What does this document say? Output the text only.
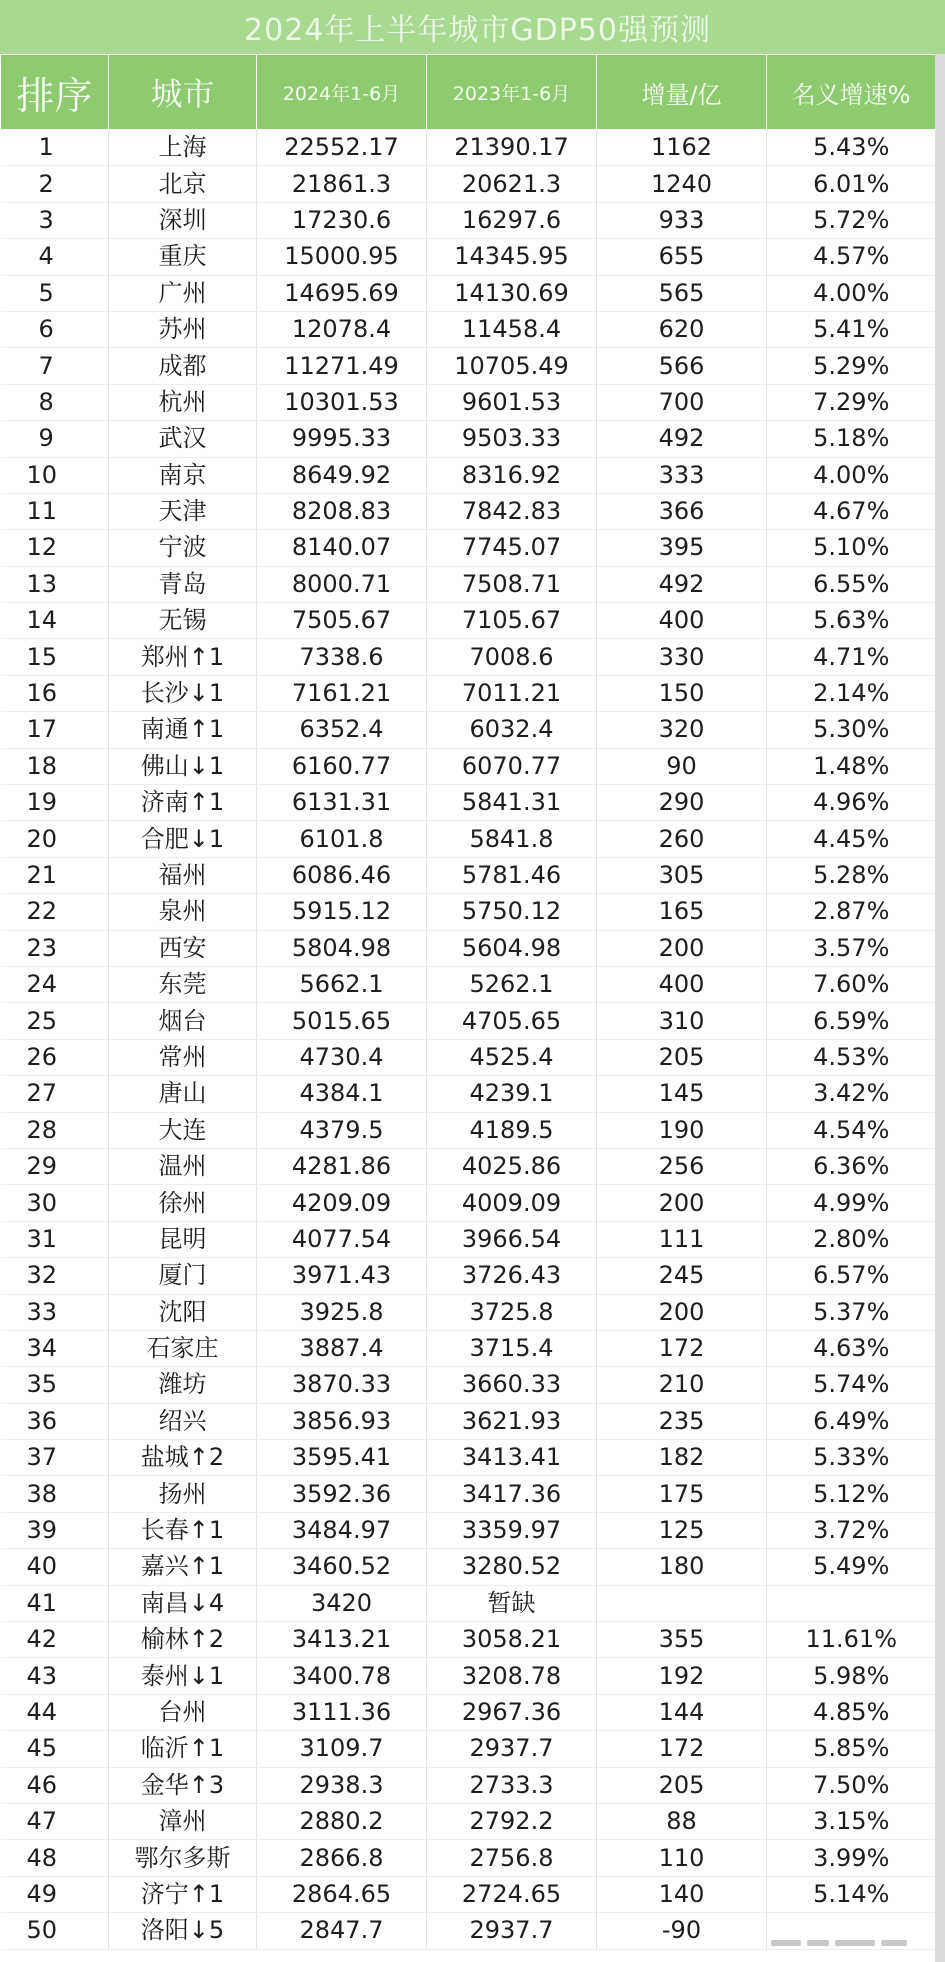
2024年上半年城市GDP50强预测
排序	城市	2024年1-6月	2023年1-6月	增量/亿	名义增速%
1	上海	22552.17	21390.17	1162	5.43%
2	北京	21861.3	20621.3	1240	6.01%
3	深圳	17230.6	16297.6	933	5.72%
4	重庆	15000.95	14345.95	655	4.57%
5	广州	14695.69	14130.69	565	4.00%
6	苏州	12078.4	11458.4	620	5.41%
7	成都	11271.49	10705.49	566	5.29%
8	杭州	10301.53	9601.53	700	7.29%
9	武汉	9995.33	9503.33	492	5.18%
10	南京	8649.92	8316.92	333	4.00%
11	天津	8208.83	7842.83	366	4.67%
12	宁波	8140.07	7745.07	395	5.10%
13	青岛	8000.71	7508.71	492	6.55%
14	无锡	7505.67	7105.67	400	5.63%
15	郑州↑1	7338.6	7008.6	330	4.71%
16	长沙↓1	7161.21	7011.21	150	2.14%
17	南通↑1	6352.4	6032.4	320	5.30%
18	佛山↓1	6160.77	6070.77	90	1.48%
19	济南↑1	6131.31	5841.31	290	4.96%
20	合肥↓1	6101.8	5841.8	260	4.45%
21	福州	6086.46	5781.46	305	5.28%
22	泉州	5915.12	5750.12	165	2.87%
23	西安	5804.98	5604.98	200	3.57%
24	东莞	5662.1	5262.1	400	7.60%
25	烟台	5015.65	4705.65	310	6.59%
26	常州	4730.4	4525.4	205	4.53%
27	唐山	4384.1	4239.1	145	3.42%
28	大连	4379.5	4189.5	190	4.54%
29	温州	4281.86	4025.86	256	6.36%
30	徐州	4209.09	4009.09	200	4.99%
31	昆明	4077.54	3966.54	111	2.80%
32	厦门	3971.43	3726.43	245	6.57%
33	沈阳	3925.8	3725.8	200	5.37%
34	石家庄	3887.4	3715.4	172	4.63%
35	潍坊	3870.33	3660.33	210	5.74%
36	绍兴	3856.93	3621.93	235	6.49%
37	盐城↑2	3595.41	3413.41	182	5.33%
38	扬州	3592.36	3417.36	175	5.12%
39	长春↑1	3484.97	3359.97	125	3.72%
40	嘉兴↑1	3460.52	3280.52	180	5.49%
41	南昌↓4	3420	暂缺		
42	榆林↑2	3413.21	3058.21	355	11.61%
43	泰州↓1	3400.78	3208.78	192	5.98%
44	台州	3111.36	2967.36	144	4.85%
45	临沂↑1	3109.7	2937.7	172	5.85%
46	金华↑3	2938.3	2733.3	205	7.50%
47	漳州	2880.2	2792.2	88	3.15%
48	鄂尔多斯	2866.8	2756.8	110	3.99%
49	济宁↑1	2864.65	2724.65	140	5.14%
50	洛阳↓5	2847.7	2937.7	-90	
